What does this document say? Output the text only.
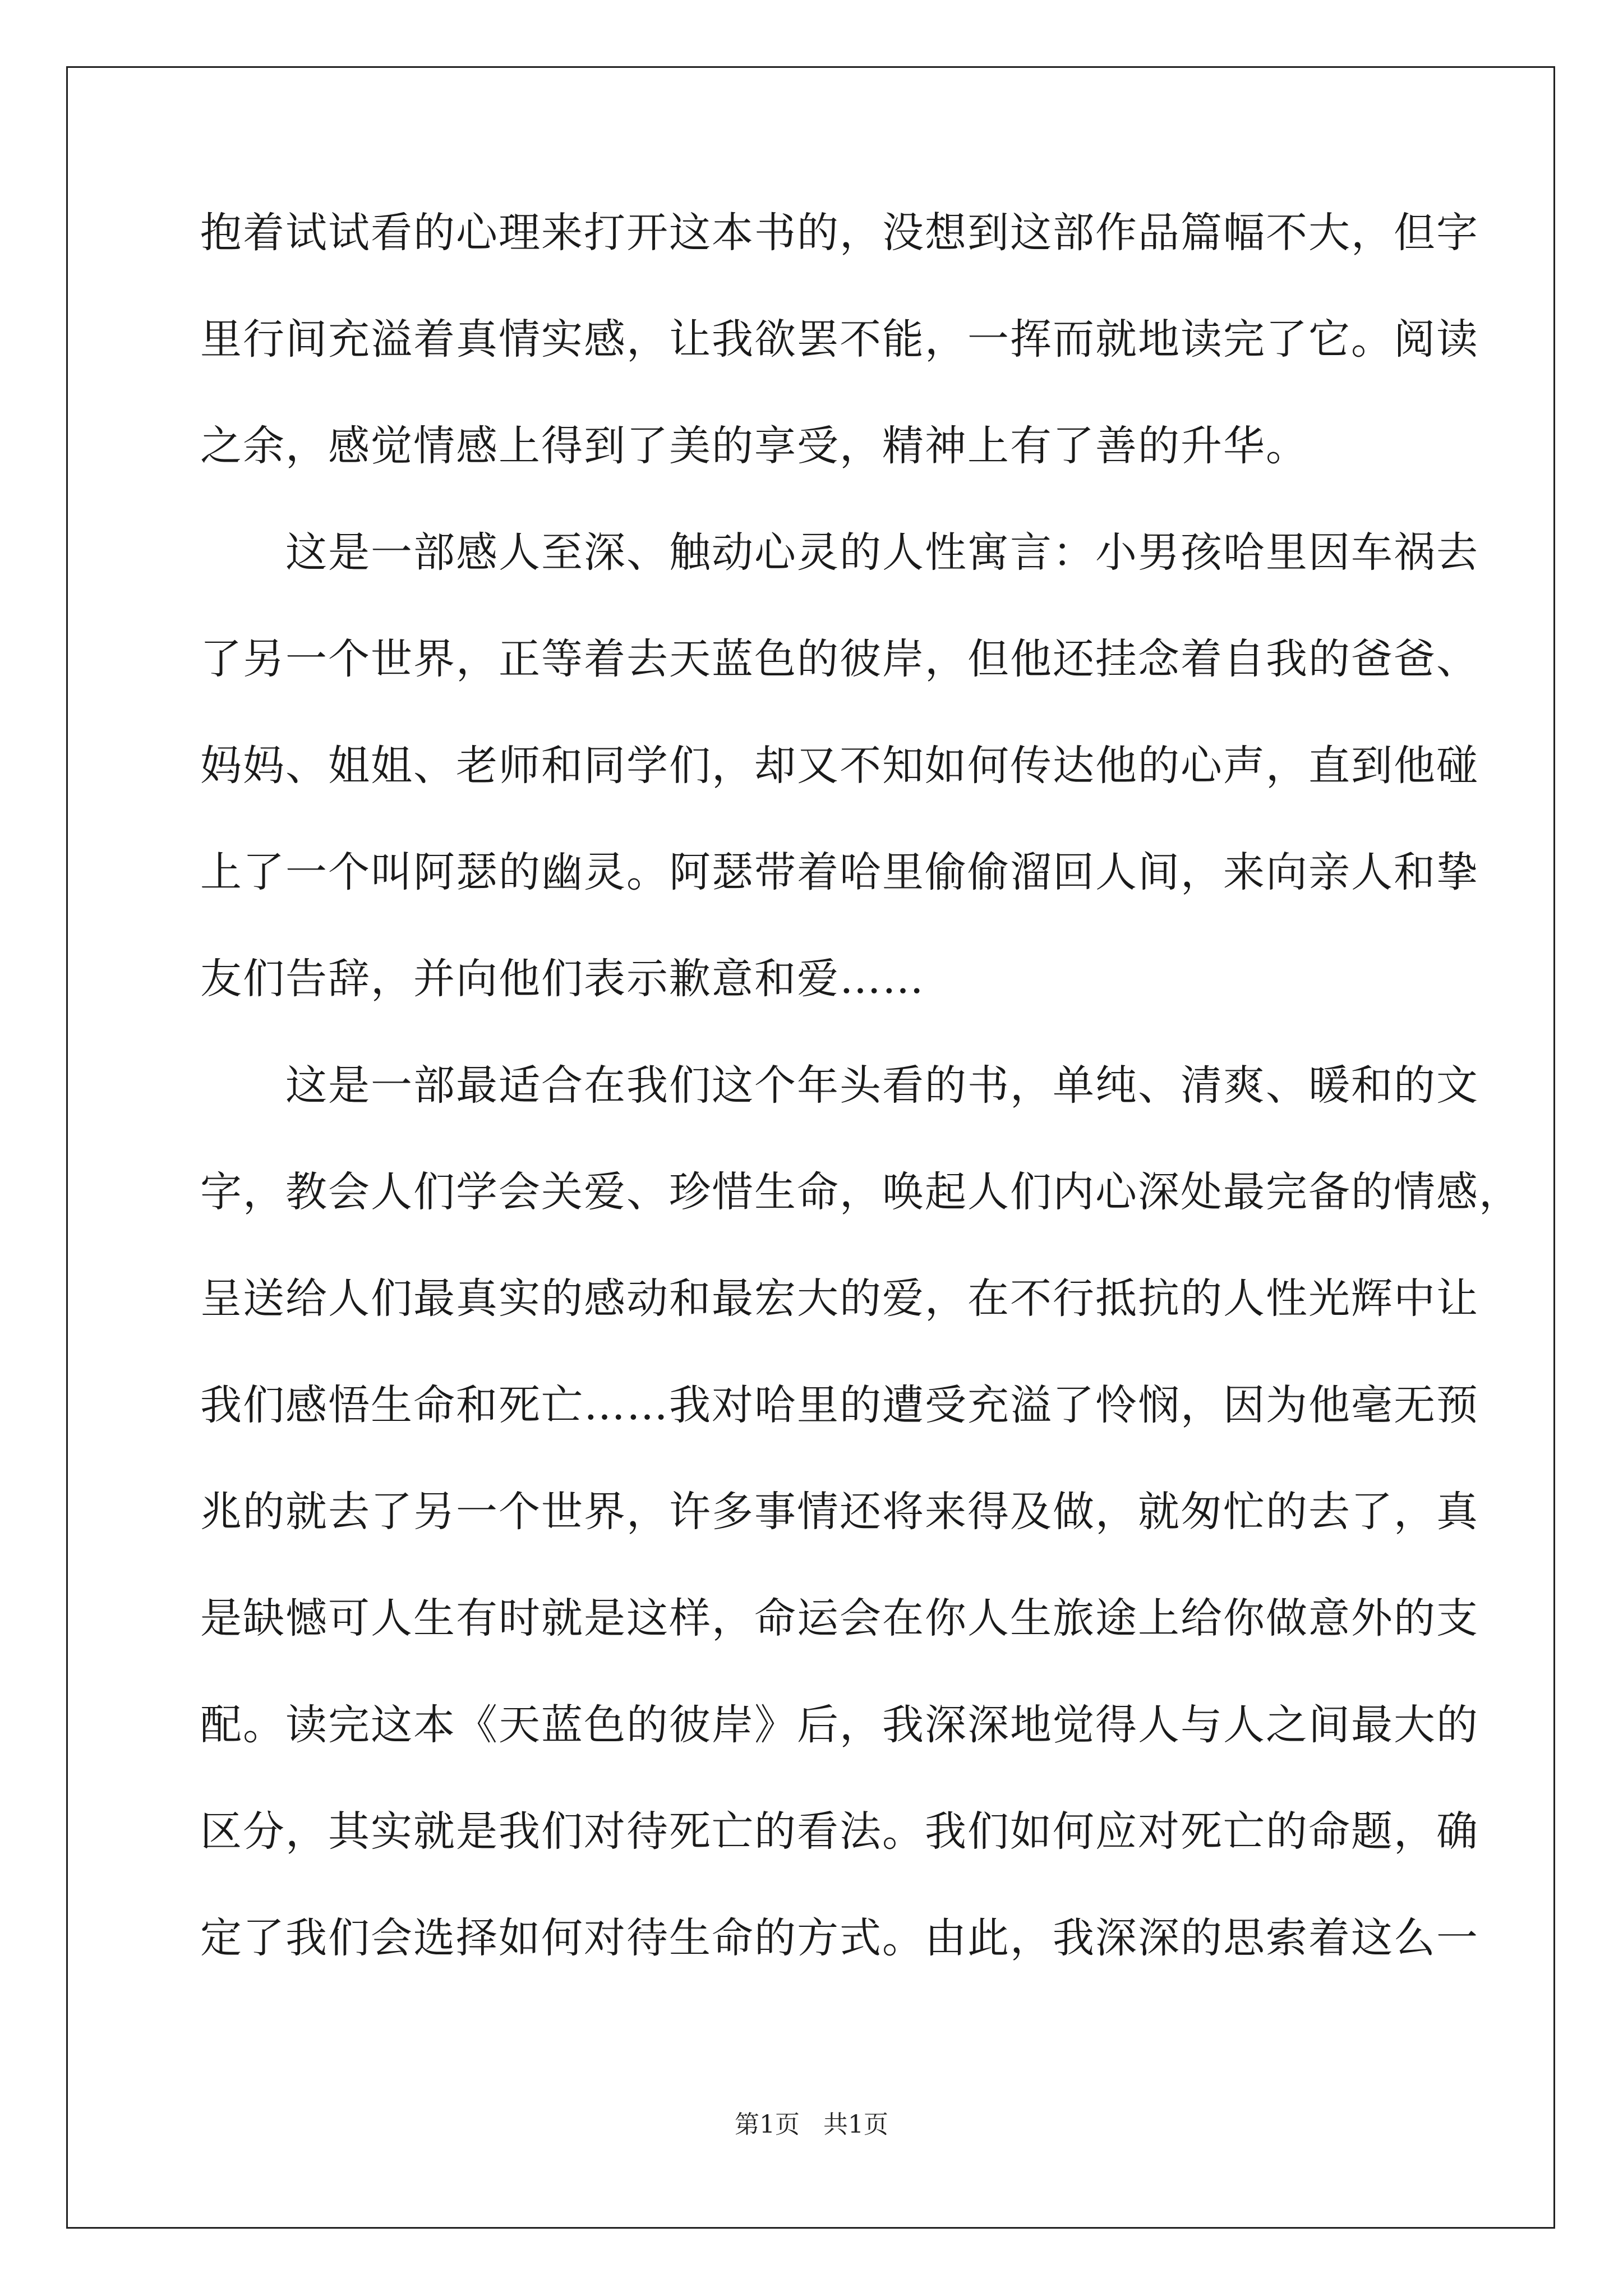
抱着试试看的心理来打开这本书的，没想到这部作品篇幅不大，但字
里行间充溢着真情实感，让我欲罢不能，一挥而就地读完了它。阅读
之余，感觉情感上得到了美的享受，精神上有了善的升华。
　　这是一部感人至深、触动心灵的人性寓言：小男孩哈里因车祸去
了另一个世界，正等着去天蓝色的彼岸，但他还挂念着自我的爸爸、
妈妈、姐姐、老师和同学们，却又不知如何传达他的心声，直到他碰
上了一个叫阿瑟的幽灵。阿瑟带着哈里偷偷溜回人间，来向亲人和挚
友们告辞，并向他们表示歉意和爱……
　　这是一部最适合在我们这个年头看的书，单纯、清爽、暖和的文
字，教会人们学会关爱、珍惜生命，唤起人们内心深处最完备的情感，
呈送给人们最真实的感动和最宏大的爱，在不行抵抗的人性光辉中让
我们感悟生命和死亡……我对哈里的遭受充溢了怜悯，因为他毫无预
兆的就去了另一个世界，许多事情还将来得及做，就匆忙的去了，真
是缺憾可人生有时就是这样，命运会在你人生旅途上给你做意外的支
配。读完这本《天蓝色的彼岸》后，我深深地觉得人与人之间最大的
区分，其实就是我们对待死亡的看法。我们如何应对死亡的命题，确
定了我们会选择如何对待生命的方式。由此，我深深的思索着这么一
第1页 共1页
